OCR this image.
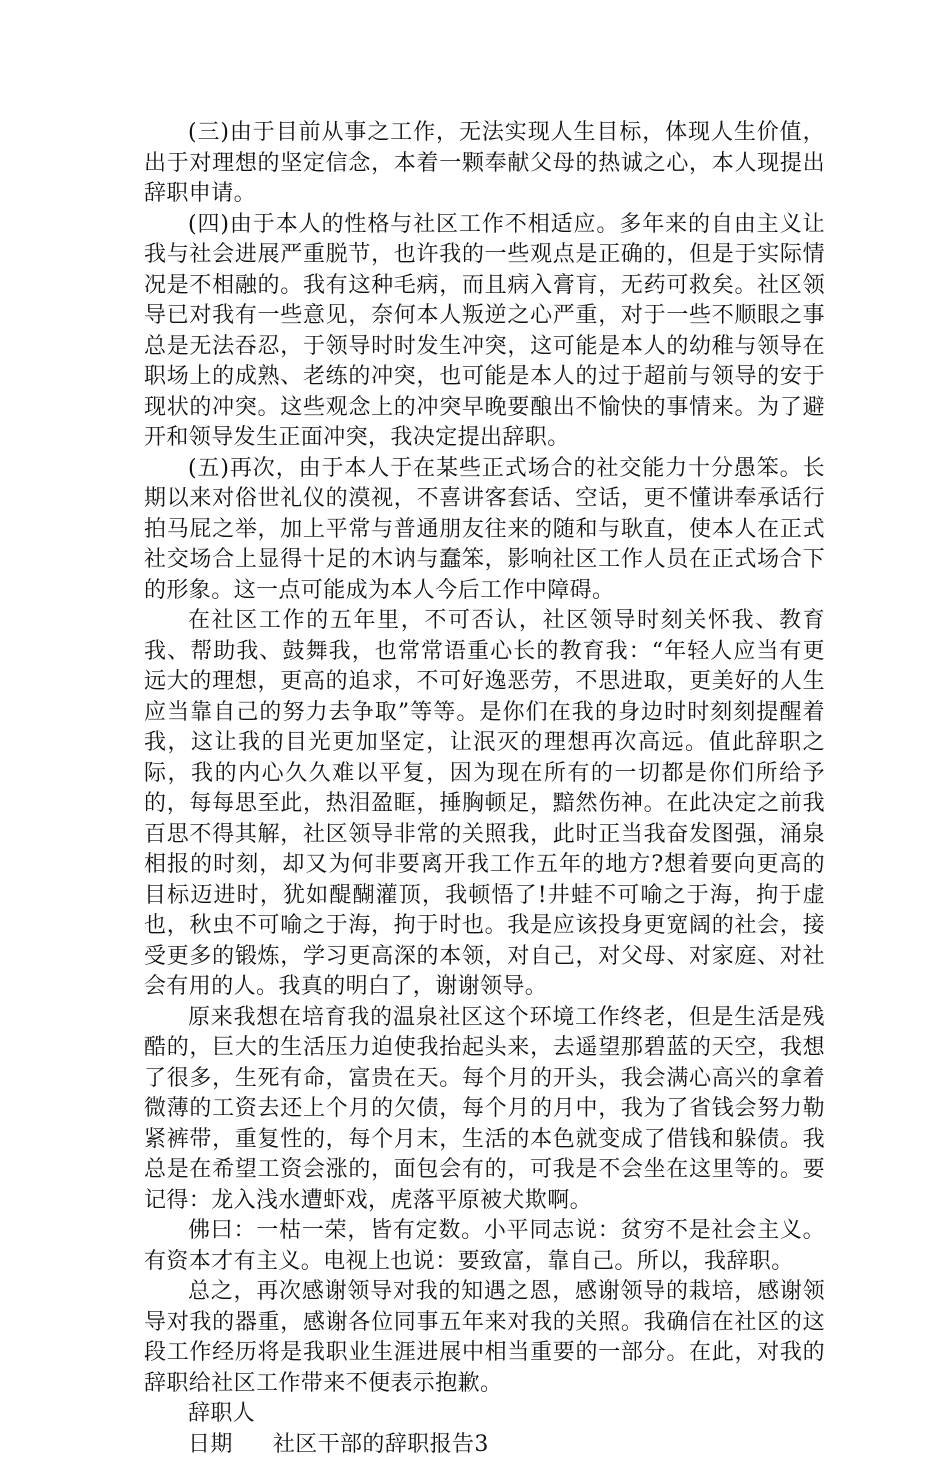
(三)由于目前从事之工作，无法实现人生目标，体现人生价值，出于对理想的坚定信念，本着一颗奉献父母的热诚之心，本人现提出辞职申请。

(四)由于本人的性格与社区工作不相适应。多年来的自由主义让我与社会进展严重脱节，也许我的一些观点是正确的，但是于实际情况是不相融的。我有这种毛病，而且病入膏肓，无药可救矣。社区领导已对我有一些意见，奈何本人叛逆之心严重，对于一些不顺眼之事总是无法吞忍，于领导时时发生冲突，这可能是本人的幼稚与领导在职场上的成熟、老练的冲突，也可能是本人的过于超前与领导的安于现状的冲突。这些观念上的冲突早晚要酿出不愉快的事情来。为了避开和领导发生正面冲突，我决定提出辞职。

(五)再次，由于本人于在某些正式场合的社交能力十分愚笨。长期以来对俗世礼仪的漠视，不喜讲客套话、空话，更不懂讲奉承话行拍马屁之举，加上平常与普通朋友往来的随和与耿直，使本人在正式社交场合上显得十足的木讷与蠢笨，影响社区工作人员在正式场合下的形象。这一点可能成为本人今后工作中障碍。

在社区工作的五年里，不可否认，社区领导时刻关怀我、教育我、帮助我、鼓舞我，也常常语重心长的教育我：“年轻人应当有更远大的理想，更高的追求，不可好逸恶劳，不思进取，更美好的人生应当靠自己的努力去争取”等等。是你们在我的身边时时刻刻提醒着我，这让我的目光更加坚定，让泯灭的理想再次高远。值此辞职之际，我的内心久久难以平复，因为现在所有的一切都是你们所给予的，每每思至此，热泪盈眶，捶胸顿足，黯然伤神。在此决定之前我百思不得其解，社区领导非常的关照我，此时正当我奋发图强，涌泉相报的时刻，却又为何非要离开我工作五年的地方?想着要向更高的目标迈进时，犹如醍醐灌顶，我顿悟了!井蛙不可喻之于海，拘于虚也，秋虫不可喻之于海，拘于时也。我是应该投身更宽阔的社会，接受更多的锻炼，学习更高深的本领，对自己，对父母、对家庭、对社会有用的人。我真的明白了，谢谢领导。

原来我想在培育我的温泉社区这个环境工作终老，但是生活是残酷的，巨大的生活压力迫使我抬起头来，去遥望那碧蓝的天空，我想了很多，生死有命，富贵在天。每个月的开头，我会满心高兴的拿着微薄的工资去还上个月的欠债，每个月的月中，我为了省钱会努力勒紧裤带，重复性的，每个月末，生活的本色就变成了借钱和躲债。我总是在希望工资会涨的，面包会有的，可我是不会坐在这里等的。要记得：龙入浅水遭虾戏，虎落平原被犬欺啊。

佛曰：一枯一荣，皆有定数。小平同志说：贫穷不是社会主义。有资本才有主义。电视上也说：要致富，靠自己。所以，我辞职。

总之，再次感谢领导对我的知遇之恩，感谢领导的栽培，感谢领导对我的器重，感谢各位同事五年来对我的关照。我确信在社区的这段工作经历将是我职业生涯进展中相当重要的一部分。在此，对我的辞职给社区工作带来不便表示抱歉。

辞职人

日期 社区干部的辞职报告3
